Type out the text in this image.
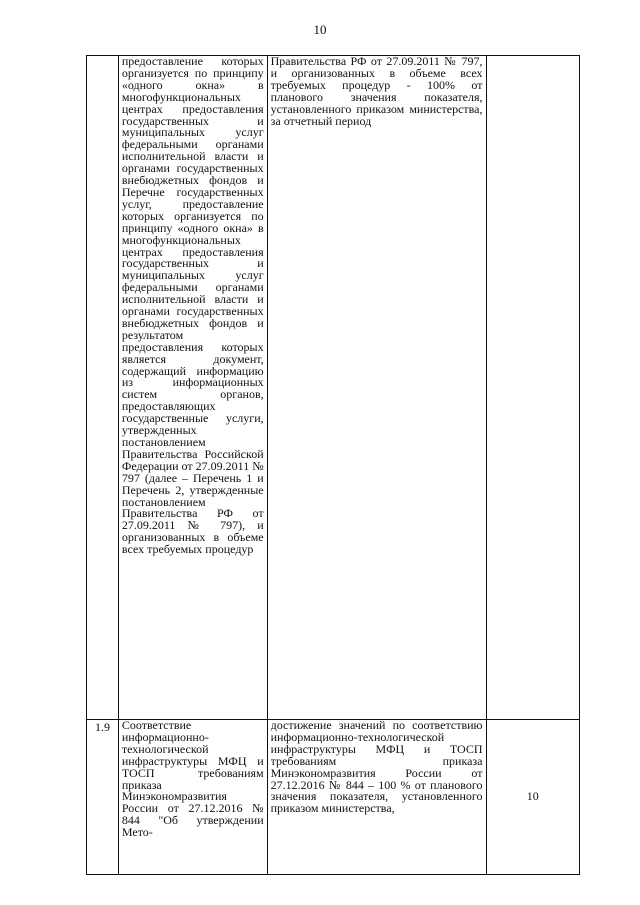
10

	предоставление которых организуется по принципу «одного окна» в многофункциональных центрах предоставления государственных и муниципальных услуг федеральными органами исполнительной власти и органами государственных внебюджетных фондов и Перечне государственных услуг, предоставление которых организуется по принципу «одного окна» в многофункциональных центрах предоставления государственных и муниципальных услуг федеральными органами исполнительной власти и органами государственных внебюджетных фондов и результатом предоставления которых является документ, содержащий информацию из информационных систем органов, предоставляющих государственные услуги, утвержденных постановлением Правительства Российской Федерации от 27.09.2011 № 797 (далее – Перечень 1 и Перечень 2, утвержденные постановлением Правительства РФ от 27.09.2011 № 797), и организованных в объеме всех требуемых процедур	Правительства РФ от 27.09.2011 № 797, и организованных в объеме всех требуемых процедур - 100% от планового значения показателя, установленного приказом министерства, за отчетный период	

1.9	Соответствие информационно-технологической инфраструктуры МФЦ и ТОСП требованиям приказа Минэкономразвития России от 27.12.2016 № 844 "Об утверждении Мето-	достижение значений по соответствию информационно-технологической инфраструктуры МФЦ и ТОСП требованиям приказа Минэкономразвития России от 27.12.2016 № 844 – 100 % от планового значения показателя, установленного приказом министерства,	10
